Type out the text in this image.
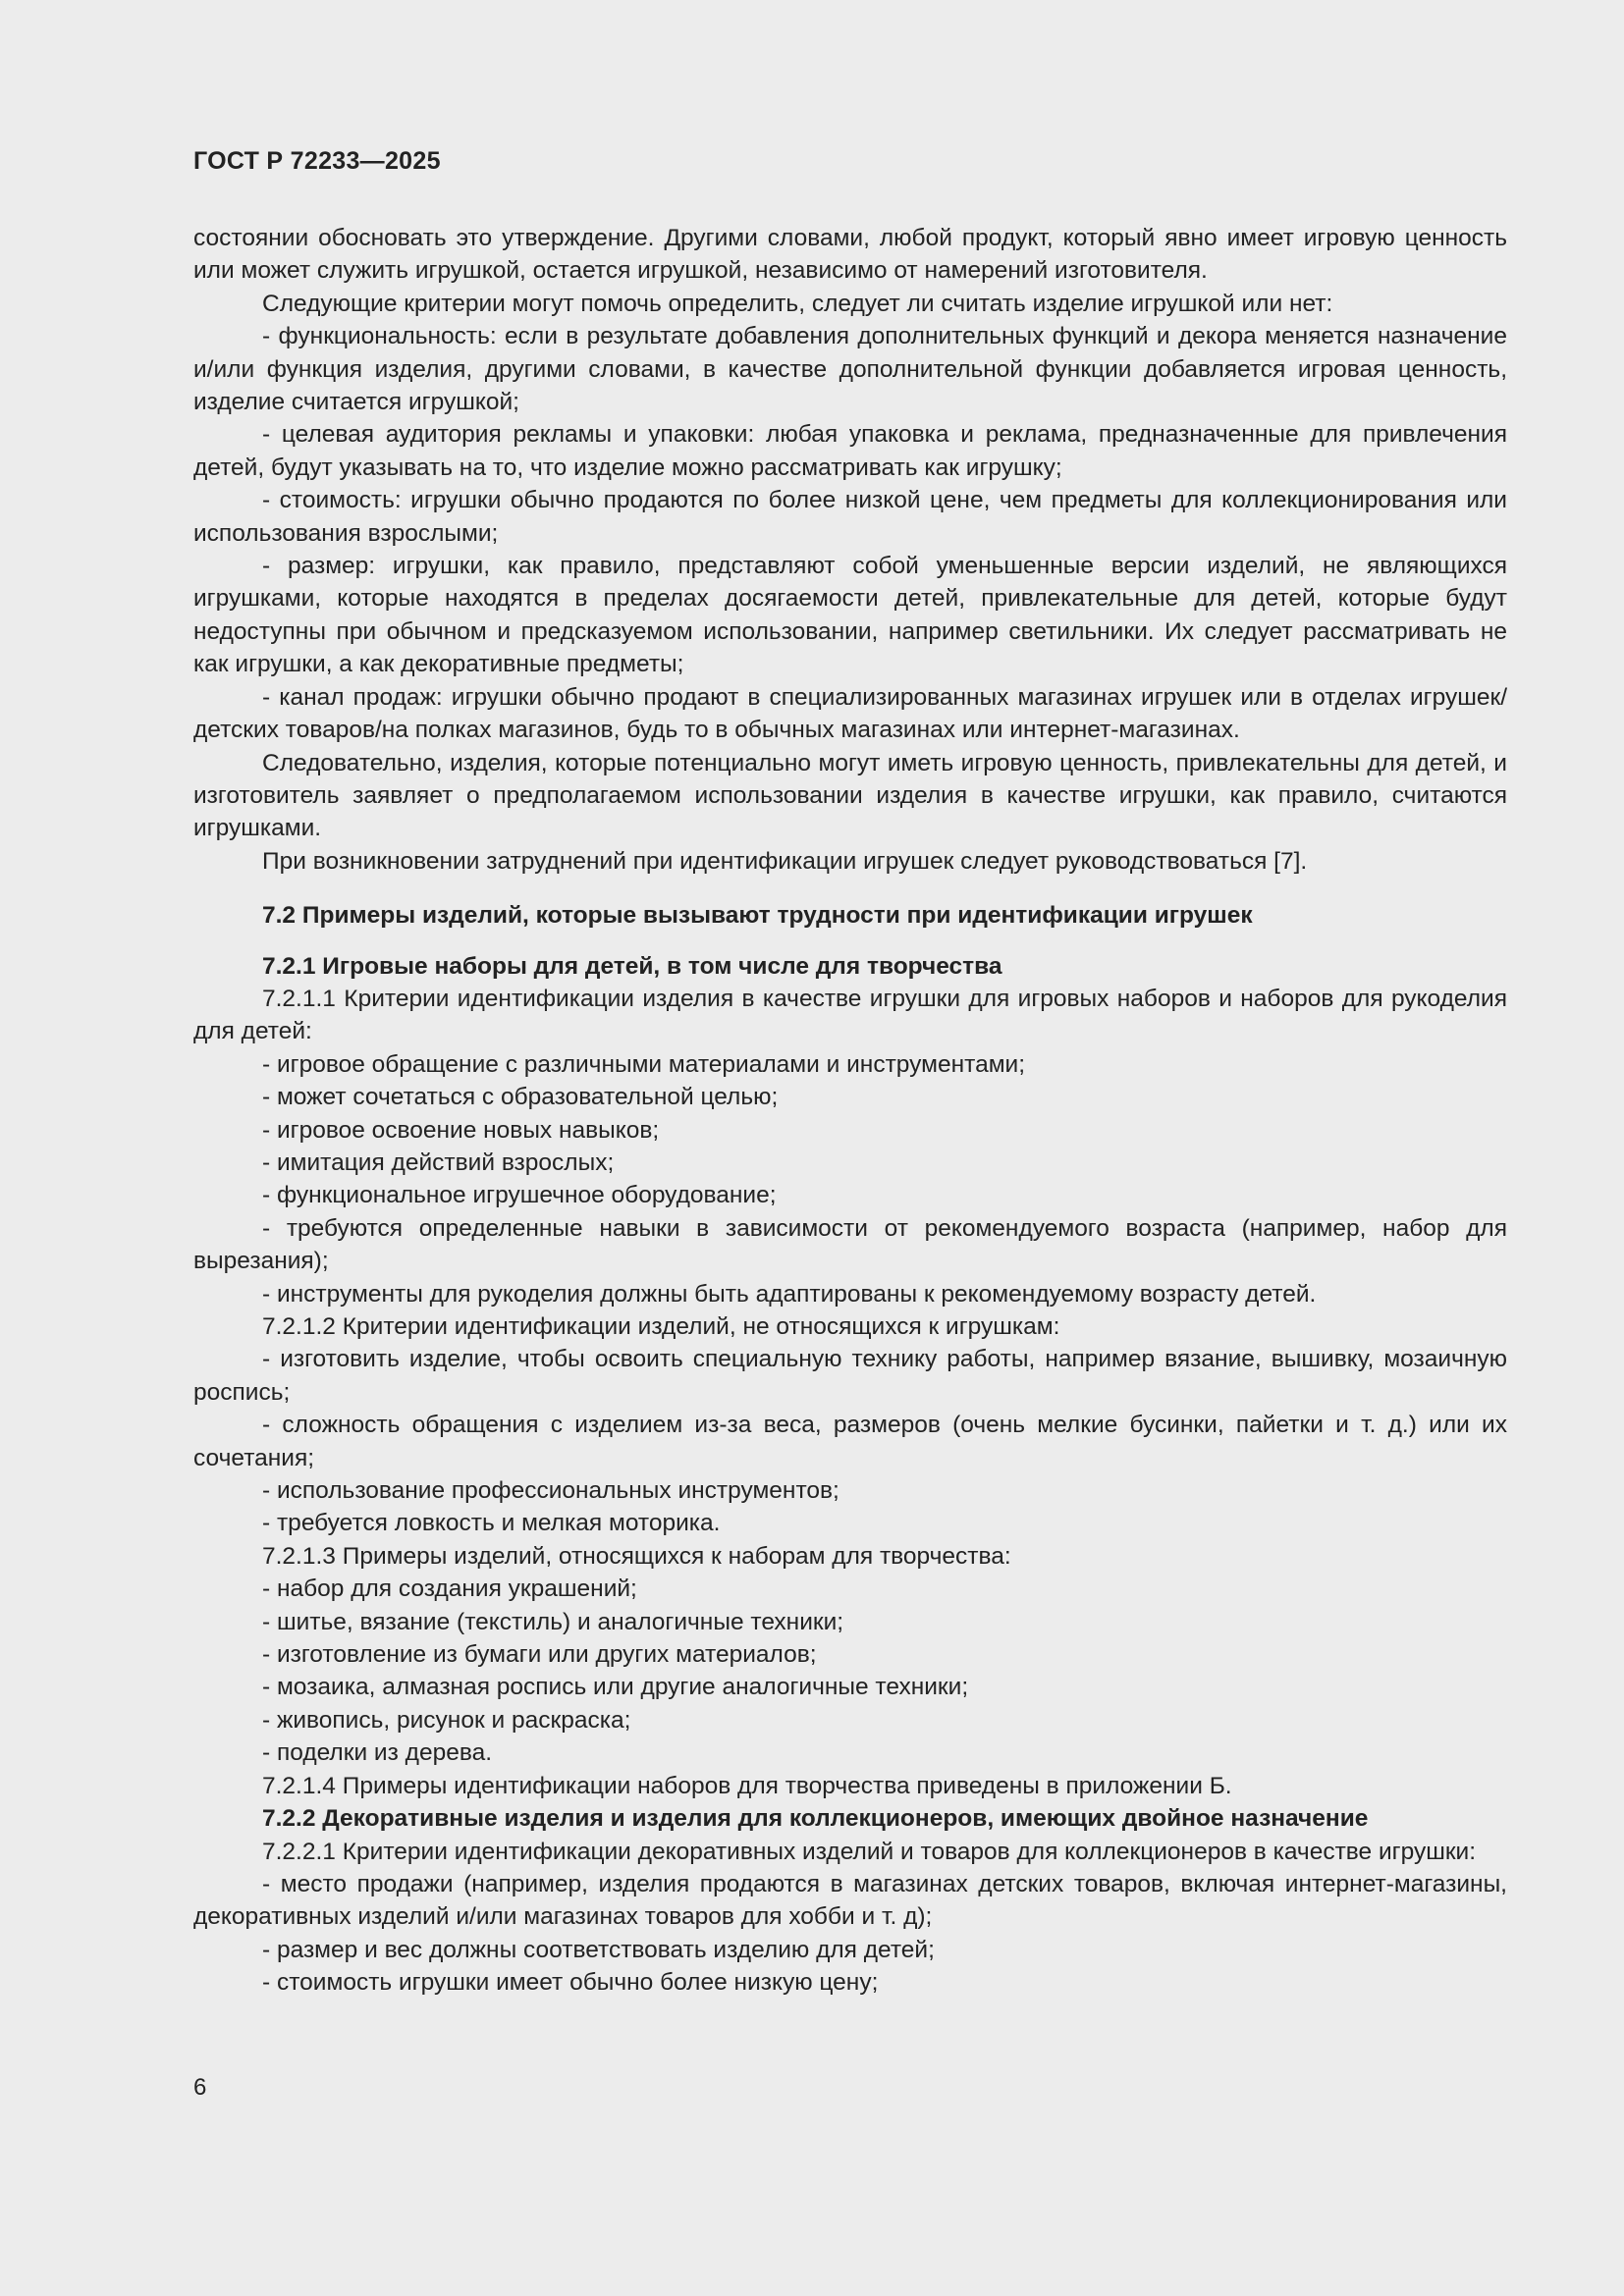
ГОСТ Р 72233—2025

состоянии обосновать это утверждение. Другими словами, любой продукт, который явно имеет игровую ценность или может служить игрушкой, остается игрушкой, независимо от намерений изготовителя.

Следующие критерии могут помочь определить, следует ли считать изделие игрушкой или нет:

- функциональность: если в результате добавления дополнительных функций и декора меняется назначение и/или функция изделия, другими словами, в качестве дополнительной функции добавляется игровая ценность, изделие считается игрушкой;

- целевая аудитория рекламы и упаковки: любая упаковка и реклама, предназначенные для привлечения детей, будут указывать на то, что изделие можно рассматривать как игрушку;

- стоимость: игрушки обычно продаются по более низкой цене, чем предметы для коллекционирования или использования взрослыми;

- размер: игрушки, как правило, представляют собой уменьшенные версии изделий, не являющихся игрушками, которые находятся в пределах досягаемости детей, привлекательные для детей, которые будут недоступны при обычном и предсказуемом использовании, например светильники. Их следует рассматривать не как игрушки, а как декоративные предметы;

- канал продаж: игрушки обычно продают в специализированных магазинах игрушек или в отделах игрушек/детских товаров/на полках магазинов, будь то в обычных магазинах или интернет-магазинах.

Следовательно, изделия, которые потенциально могут иметь игровую ценность, привлекательны для детей, и изготовитель заявляет о предполагаемом использовании изделия в качестве игрушки, как правило, считаются игрушками.

При возникновении затруднений при идентификации игрушек следует руководствоваться [7].

7.2 Примеры изделий, которые вызывают трудности при идентификации игрушек

7.2.1 Игровые наборы для детей, в том числе для творчества

7.2.1.1 Критерии идентификации изделия в качестве игрушки для игровых наборов и наборов для рукоделия для детей:

- игровое обращение с различными материалами и инструментами;

- может сочетаться с образовательной целью;

- игровое освоение новых навыков;

- имитация действий взрослых;

- функциональное игрушечное оборудование;

- требуются определенные навыки в зависимости от рекомендуемого возраста (например, набор для вырезания);

- инструменты для рукоделия должны быть адаптированы к рекомендуемому возрасту детей.

7.2.1.2 Критерии идентификации изделий, не относящихся к игрушкам:

- изготовить изделие, чтобы освоить специальную технику работы, например вязание, вышивку, мозаичную роспись;

- сложность обращения с изделием из-за веса, размеров (очень мелкие бусинки, пайетки и т. д.) или их сочетания;

- использование профессиональных инструментов;

- требуется ловкость и мелкая моторика.

7.2.1.3 Примеры изделий, относящихся к наборам для творчества:

- набор для создания украшений;

- шитье, вязание (текстиль) и аналогичные техники;

- изготовление из бумаги или других материалов;

- мозаика, алмазная роспись или другие аналогичные техники;

- живопись, рисунок и раскраска;

- поделки из дерева.

7.2.1.4 Примеры идентификации наборов для творчества приведены в приложении Б.

7.2.2 Декоративные изделия и изделия для коллекционеров, имеющих двойное назначение

7.2.2.1 Критерии идентификации декоративных изделий и товаров для коллекционеров в качестве игрушки:

- место продажи (например, изделия продаются в магазинах детских товаров, включая интернет-магазины, декоративных изделий и/или магазинах товаров для хобби и т. д);

- размер и вес должны соответствовать изделию для детей;

- стоимость игрушки имеет обычно более низкую цену;

6
